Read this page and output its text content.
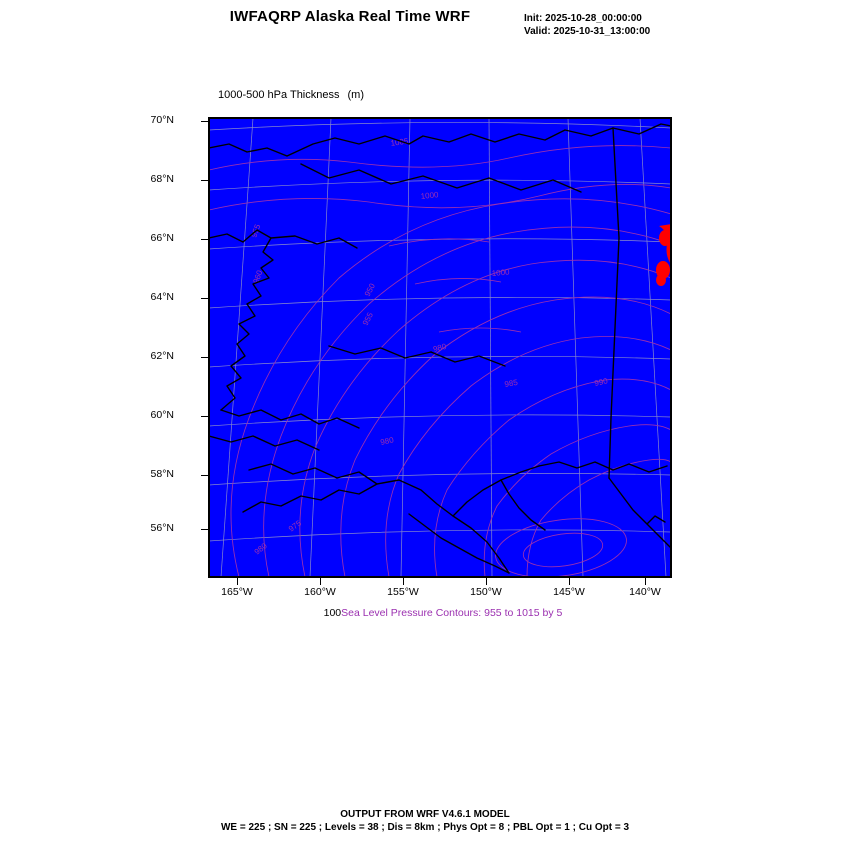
IWFAQRP Alaska Real Time WRF	Init: 2025-10-28_00:00:00
Valid: 2025-10-31_13:00:00

1000-500 hPa Thickness (m)

70°N
68°N
66°N
64°N
62°N
60°N
58°N
56°N
165°W	160°W	155°W	150°W	145°W	140°W
1005
1000
1000
955
960
950
955
980
985	990
980
975
980
100Sea Level Pressure Contours: 955 to 1015 by 5
OUTPUT FROM WRF V4.6.1 MODEL
WE = 225 ; SN = 225 ; Levels = 38 ; Dis = 8km ; Phys Opt = 8 ; PBL Opt = 1 ; Cu Opt = 3
